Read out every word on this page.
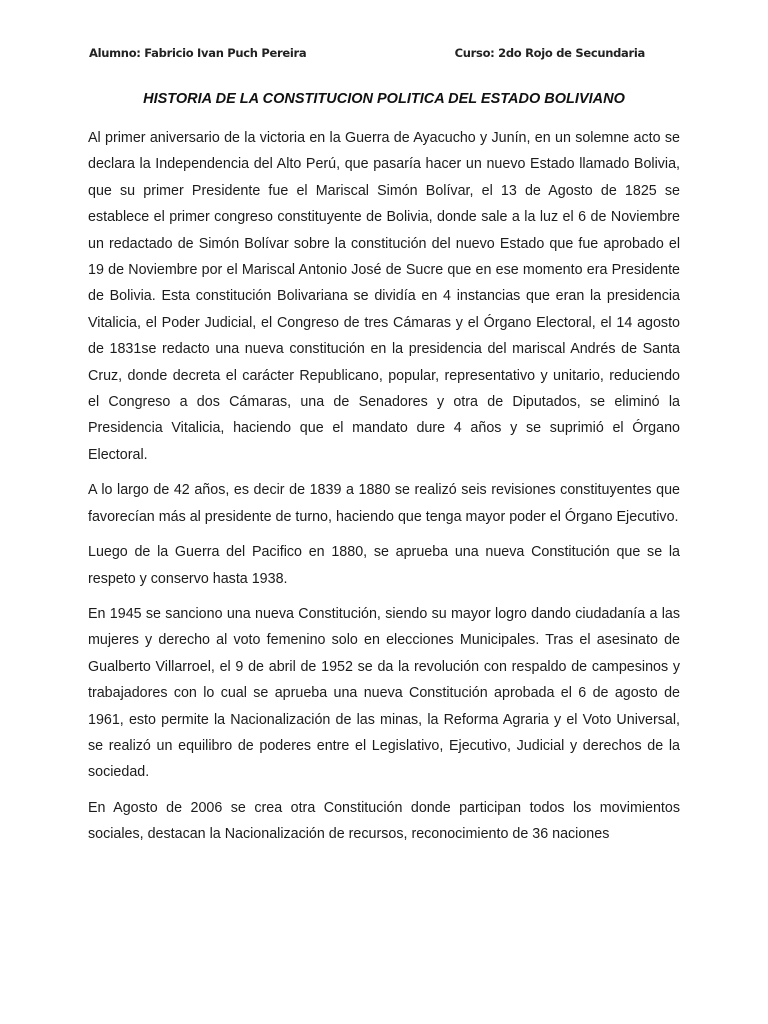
Alumno: Fabricio Ivan Puch Pereira	Curso: 2do Rojo de Secundaria
HISTORIA DE LA CONSTITUCION POLITICA DEL ESTADO BOLIVIANO

Al primer aniversario de la victoria en la Guerra de Ayacucho y Junín, en un solemne acto se declara la Independencia del Alto Perú, que pasaría hacer un nuevo Estado llamado Bolivia, que su primer Presidente fue el Mariscal Simón Bolívar, el 13 de Agosto de 1825 se establece el primer congreso constituyente de Bolivia, donde sale a la luz el 6 de Noviembre un redactado de Simón Bolívar sobre la constitución del nuevo Estado que fue aprobado el 19 de Noviembre por el Mariscal Antonio José de Sucre que en ese momento era Presidente de Bolivia. Esta constitución Bolivariana se dividía en 4 instancias que eran la presidencia Vitalicia, el Poder Judicial, el Congreso de tres Cámaras y el Órgano Electoral, el 14 agosto de 1831se redacto una nueva constitución en la presidencia del mariscal Andrés de Santa Cruz, donde decreta el carácter Republicano, popular, representativo y unitario, reduciendo el Congreso a dos Cámaras, una de Senadores y otra de Diputados, se eliminó la Presidencia Vitalicia, haciendo que el mandato dure 4 años y se suprimió el Órgano Electoral.

A lo largo de 42 años, es decir de 1839 a 1880 se realizó seis revisiones constituyentes que favorecían más al presidente de turno, haciendo que tenga mayor poder el Órgano Ejecutivo.

Luego de la Guerra del Pacifico en 1880, se aprueba una nueva Constitución que se la respeto y conservo hasta 1938.

En 1945 se sanciono una nueva Constitución, siendo su mayor logro dando ciudadanía a las mujeres y derecho al voto femenino solo en elecciones Municipales. Tras el asesinato de Gualberto Villarroel, el 9 de abril de 1952 se da la revolución con respaldo de campesinos y trabajadores con lo cual se aprueba una nueva Constitución aprobada el 6 de agosto de 1961, esto permite la Nacionalización de las minas, la Reforma Agraria y el Voto Universal, se realizó un equilibro de poderes entre el Legislativo, Ejecutivo, Judicial y derechos de la sociedad.

En Agosto de 2006 se crea otra Constitución donde participan todos los movimientos sociales, destacan la Nacionalización de recursos, reconocimiento de 36 naciones
